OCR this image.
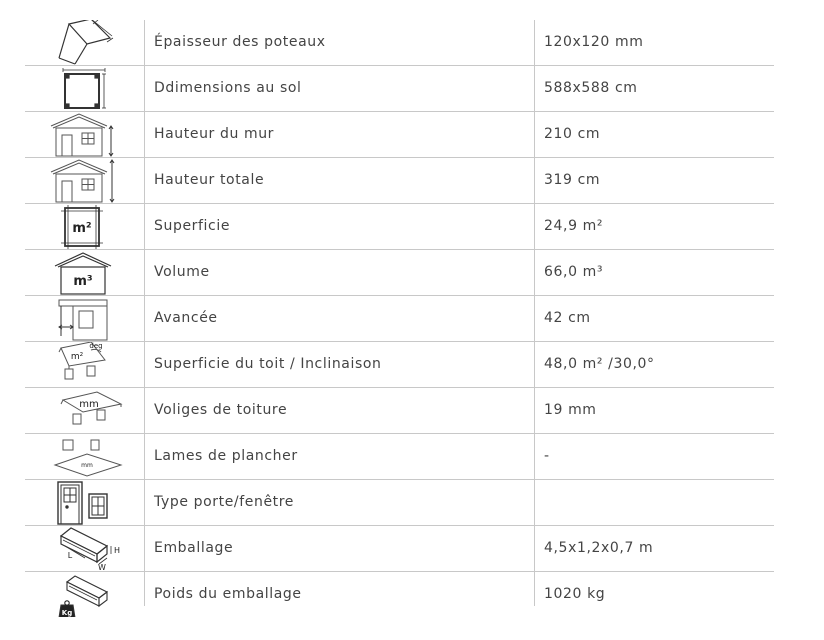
Épaisseur des poteaux	120x120 mm
Ddimensions au sol	588x588 cm
Hauteur du mur	210 cm
Hauteur totale	319 cm
m²	Superficie	24,9 m²
m³
Volume	66,0 m³
Avancée	42 cm
m²
deg
Superficie du toit / Inclinaison	48,0 m² /30,0°
mm	Voliges de toiture	19 mm
mm
Lames de plancher	-
Type porte/fenêtre
L
H
W
Emballage	4,5x1,2x0,7 m
Kg
Poids du emballage	1020 kg
